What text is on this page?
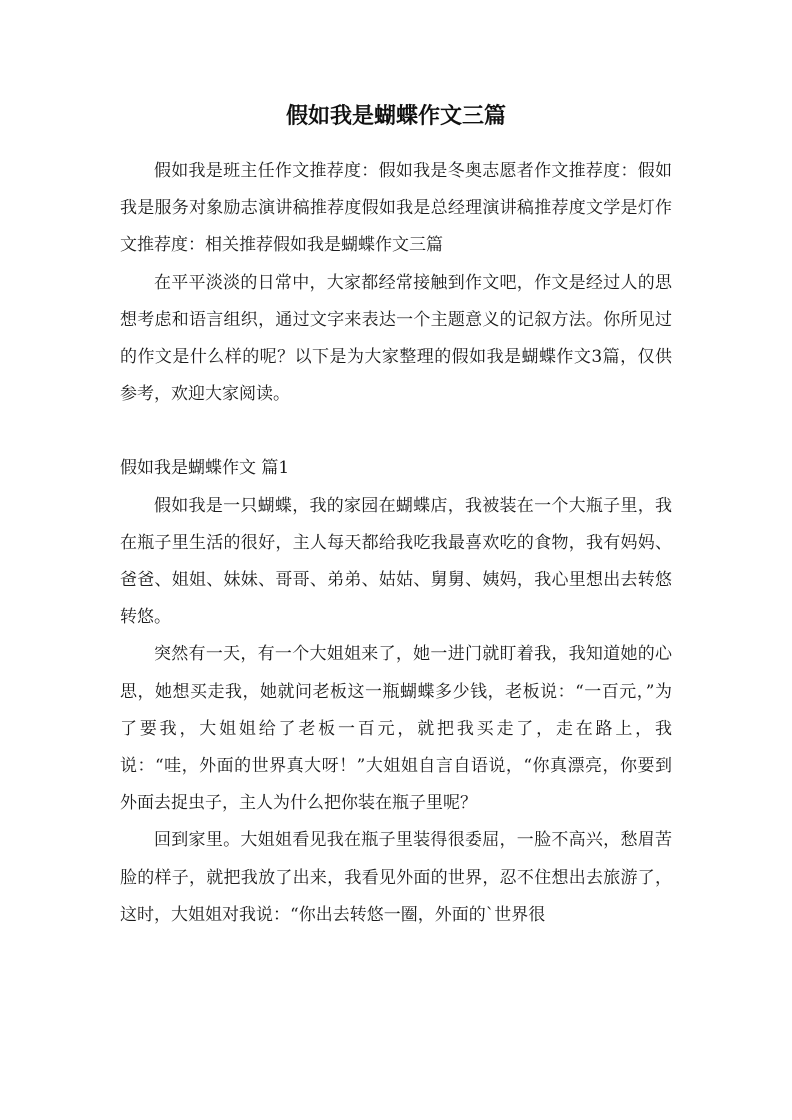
假如我是蝴蝶作文三篇

假如我是班主任作文推荐度：假如我是冬奥志愿者作文推荐度：假如我是服务对象励志演讲稿推荐度假如我是总经理演讲稿推荐度文学是灯作文推荐度：相关推荐假如我是蝴蝶作文三篇

在平平淡淡的日常中，大家都经常接触到作文吧，作文是经过人的思想考虑和语言组织，通过文字来表达一个主题意义的记叙方法。你所见过的作文是什么样的呢？以下是为大家整理的假如我是蝴蝶作文3篇，仅供参考，欢迎大家阅读。

假如我是蝴蝶作文 篇1

假如我是一只蝴蝶，我的家园在蝴蝶店，我被装在一个大瓶子里，我在瓶子里生活的很好，主人每天都给我吃我最喜欢吃的食物，我有妈妈、爸爸、姐姐、妹妹、哥哥、弟弟、姑姑、舅舅、姨妈，我心里想出去转悠转悠。

突然有一天，有一个大姐姐来了，她一进门就盯着我，我知道她的心思，她想买走我，她就问老板这一瓶蝴蝶多少钱，老板说：“一百元，”为了要我，大姐姐给了老板一百元，就把我买走了，走在路上，我说：“哇，外面的世界真大呀！”大姐姐自言自语说，“你真漂亮，你要到外面去捉虫子，主人为什么把你装在瓶子里呢？

回到家里。大姐姐看见我在瓶子里装得很委屈，一脸不高兴，愁眉苦脸的样子，就把我放了出来，我看见外面的世界，忍不住想出去旅游了，这时，大姐姐对我说：“你出去转悠一圈，外面的`世界很
